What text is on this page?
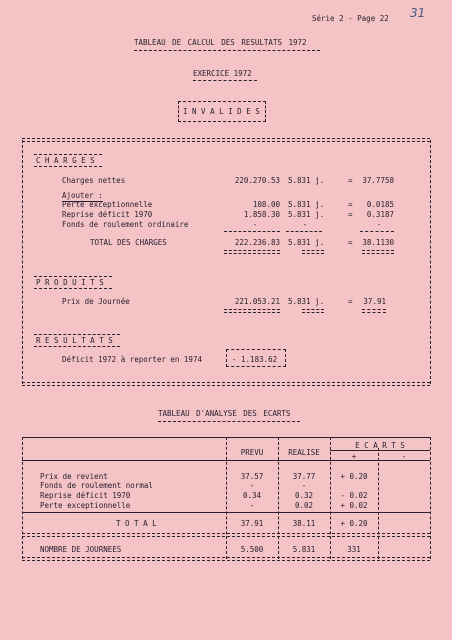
Série 2 - Page 22 31
TABLEAU DE CALCUL DES RESULTATS 1972
EXERCICE 1972
I N V A L I D E S
C H A R G E S
Charges nettes	220.270.53 5.831 j.	=	37.7758
Ajouter :
Perte exceptionnelle	108.00 5.831 j.	=	0.0185
Reprise déficit 1970	1.858.30 5.831 j.	=	0.3187
Fonds de roulement ordinaire	-	-	-
TOTAL DES CHARGES	222.236.83 5.831 j.	=	38.1130
P R O D U I T S
Prix de Journée	221.053.21 5.831 j.	=	37.91
R E S U L T A T S
Déficit 1972 à reporter en 1974	- 1.183.62
TABLEAU D'ANALYSE DES ECARTS
PREVU	REALISE
E C A R T S
+	-
Prix de revient	37.57	37.77	+ 0.20
Fonds de roulement normal	-	-
Reprise déficit 1970	0.34	0.32	- 0.02
Perte exceptionnelle	-	0.02	+ 0.02
T O T A L	37.91	38.11	+ 0.20
NOMBRE DE JOURNEES	5.500	5.831	331
